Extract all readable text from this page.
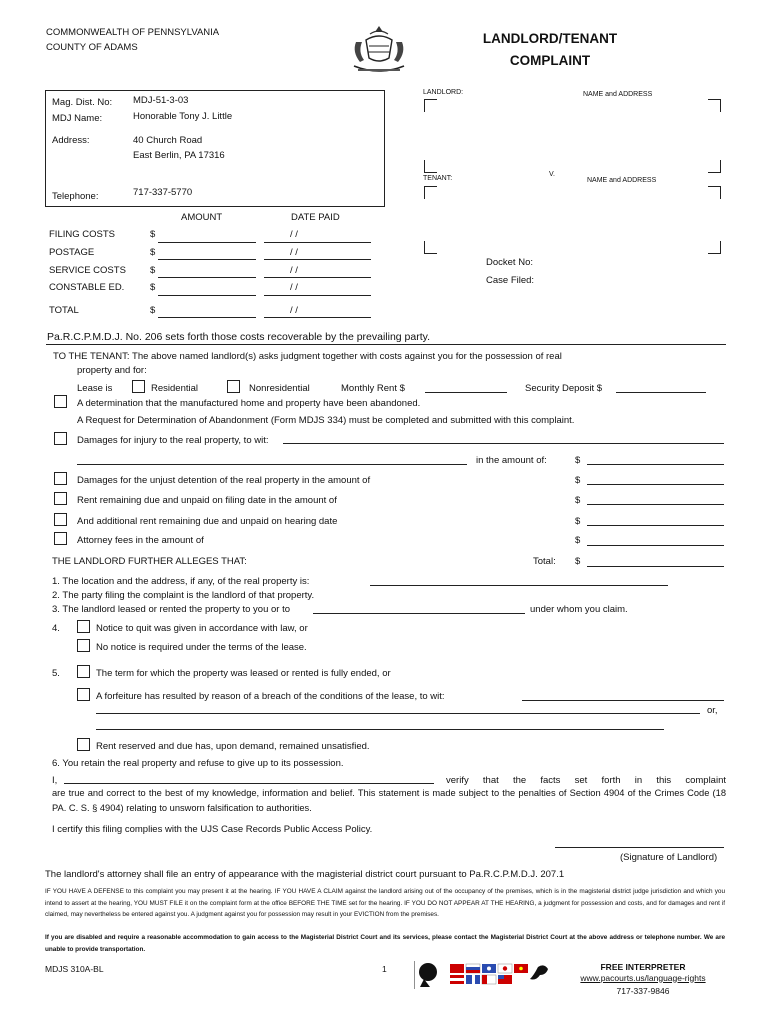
COMMONWEALTH OF PENNSYLVANIA
COUNTY OF ADAMS
LANDLORD/TENANT
COMPLAINT
Mag. Dist. No: MDJ-51-3-03
MDJ Name:	Honorable Tony J. Little
Address:	40 Church Road
East Berlin, PA 17316
Telephone:	717-337-5770
LANDLORD:	NAME and ADDRESS
V.
TENANT:	NAME and ADDRESS
Docket No:
Case Filed:
AMOUNT	DATE PAID
FILING COSTS	$	/ /
POSTAGE	$	/ /
SERVICE COSTS	$	/ /
CONSTABLE ED.	$	/ /
TOTAL	$	/ /
Pa.R.C.P.M.D.J. No. 206 sets forth those costs recoverable by the prevailing party.
TO THE TENANT: The above named landlord(s) asks judgment together with costs against you for the possession of real
property and for:
Lease is	Residential	Nonresidential	Monthly Rent $	Security Deposit $
A determination that the manufactured home and property have been abandoned.
A Request for Determination of Abandonment (Form MDJS 334) must be completed and submitted with this complaint.
Damages for injury to the real property, to wit:
in the amount of:	$
Damages for the unjust detention of the real property in the amount of	$
Rent remaining due and unpaid on filing date in the amount of	$
And additional rent remaining due and unpaid on hearing date	$
Attorney fees in the amount of	$
THE LANDLORD FURTHER ALLEGES THAT:	Total: $
1. The location and the address, if any, of the real property is:
2. The party filing the complaint is the landlord of that property.
3. The landlord leased or rented the property to you or to	under whom you claim.
4.	Notice to quit was given in accordance with law, or
No notice is required under the terms of the lease.
5.	The term for which the property was leased or rented is fully ended, or
A forfeiture has resulted by reason of a breach of the conditions of the lease, to wit:
or,
Rent reserved and due has, upon demand, remained unsatisfied.
6. You retain the real property and refuse to give up to its possession.
I,	verify that the facts set forth in this complaint
are true and correct to the best of my knowledge, information and belief. This statement is made subject to the penalties of Section 4904 of the Crimes Code (18 PA. C. S. § 4904) relating to unsworn falsification to authorities.
I certify this filing complies with the UJS Case Records Public Access Policy.
(Signature of Landlord)
The landlord's attorney shall file an entry of appearance with the magisterial district court pursuant to Pa.R.C.P.M.D.J. 207.1
IF YOU HAVE A DEFENSE to this complaint you may present it at the hearing. IF YOU HAVE A CLAIM against the landlord arising out of the occupancy of the premises, which is in the magisterial district judge jurisdiction and which you intend to assert at the hearing, YOU MUST FILE it on the complaint form at the office BEFORE THE TIME set for the hearing. IF YOU DO NOT APPEAR AT THE HEARING, a judgment for possession and costs, and for damages and rent if claimed, may nevertheless be entered against you. A judgment against you for possession may result in your EVICTION from the premises.
If you are disabled and require a reasonable accommodation to gain access to the Magisterial District Court and its services, please contact the Magisterial District Court at the above address or telephone number. We are unable to provide transportation.
MDJS 310A-BL	1	FREE INTERPRETER
www.pacourts.us/language-rights
717-337-9846
